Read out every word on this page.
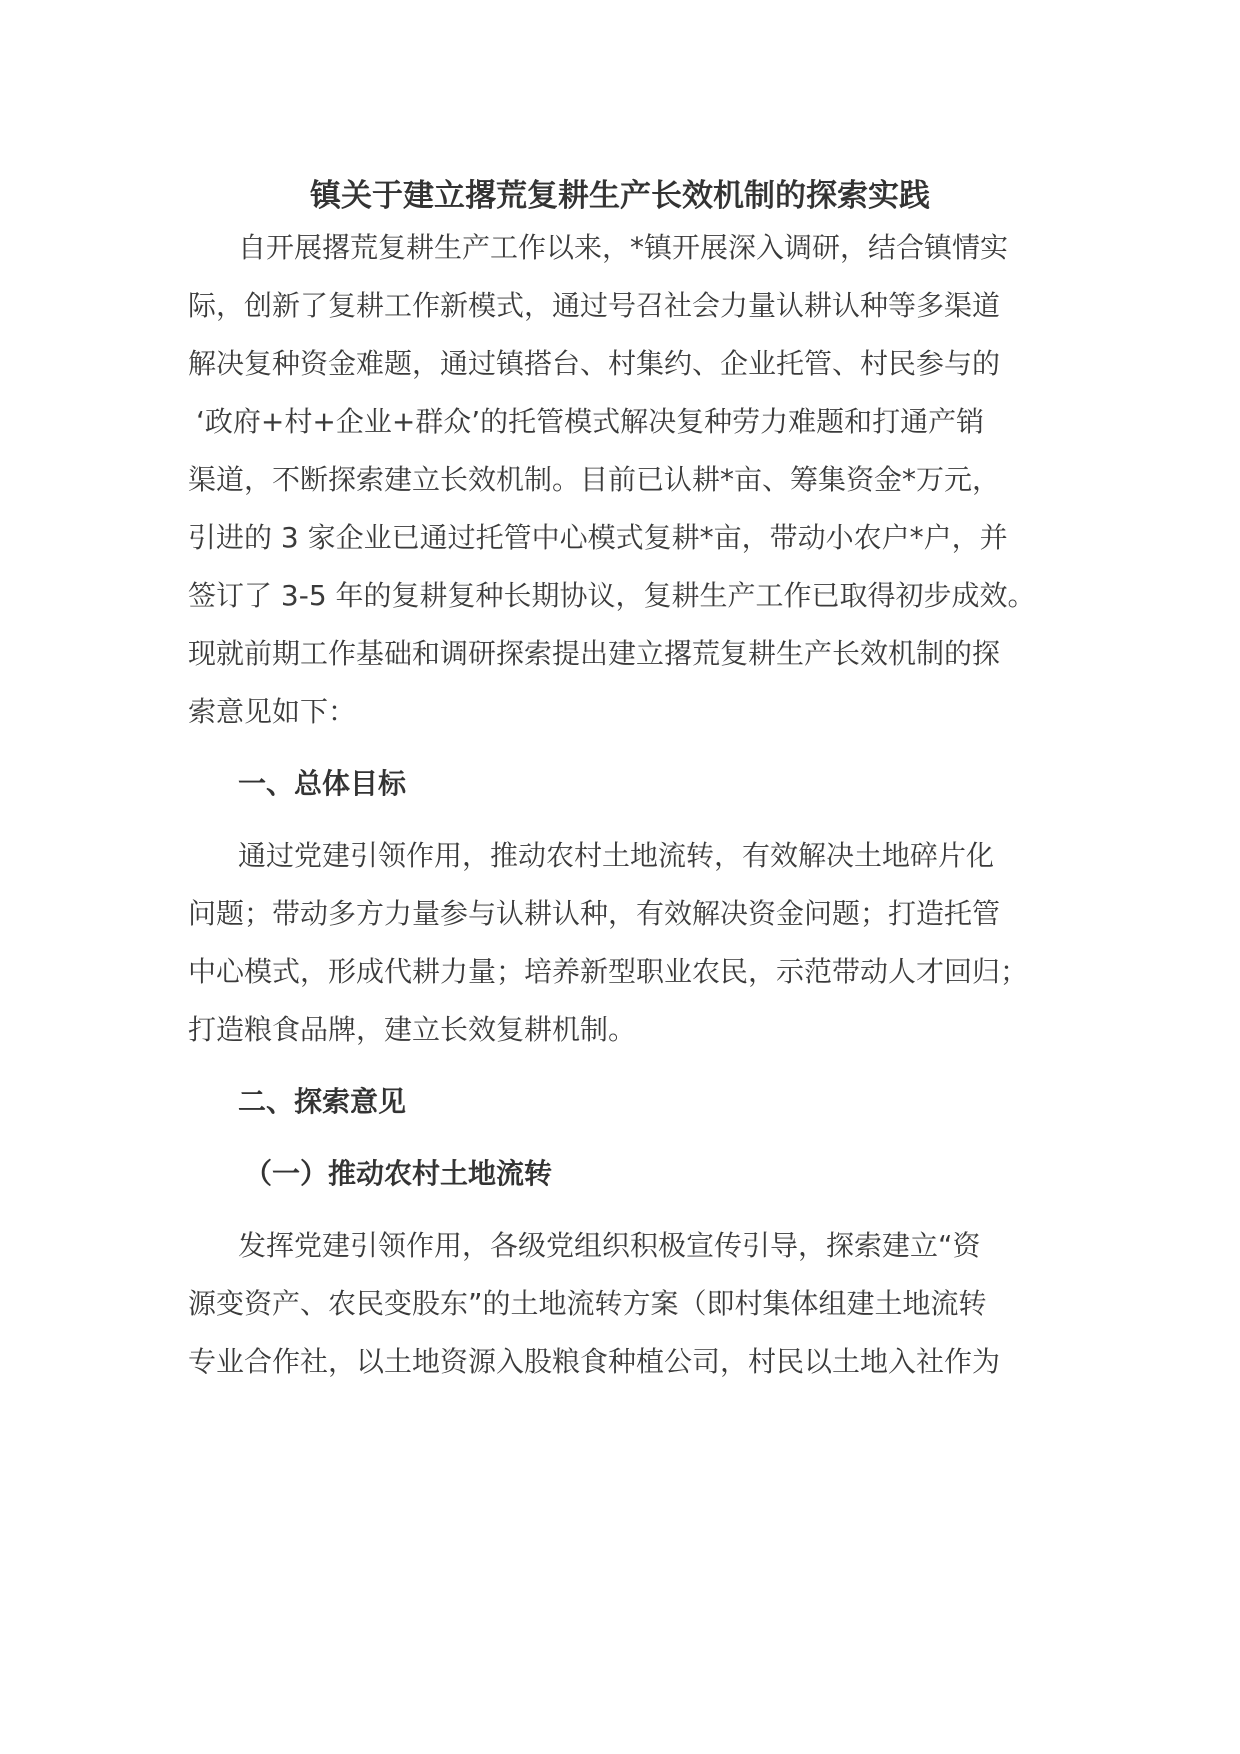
镇关于建立撂荒复耕生产长效机制的探索实践
自开展撂荒复耕生产工作以来，*镇开展深入调研，结合镇情实
际，创新了复耕工作新模式，通过号召社会力量认耕认种等多渠道
解决复种资金难题，通过镇搭台、村集约、企业托管、村民参与的
‘政府+村+企业+群众’的托管模式解决复种劳力难题和打通产销
渠道，不断探索建立长效机制。目前已认耕*亩、筹集资金*万元，
引进的 3 家企业已通过托管中心模式复耕*亩，带动小农户*户，并
签订了 3-5 年的复耕复种长期协议，复耕生产工作已取得初步成效。
现就前期工作基础和调研探索提出建立撂荒复耕生产长效机制的探
索意见如下：
一、总体目标
通过党建引领作用，推动农村土地流转，有效解决土地碎片化
问题；带动多方力量参与认耕认种，有效解决资金问题；打造托管
中心模式，形成代耕力量；培养新型职业农民，示范带动人才回归；
打造粮食品牌，建立长效复耕机制。
二、探索意见
（一）推动农村土地流转
发挥党建引领作用，各级党组织积极宣传引导，探索建立“资
源变资产、农民变股东”的土地流转方案（即村集体组建土地流转
专业合作社，以土地资源入股粮食种植公司，村民以土地入社作为
